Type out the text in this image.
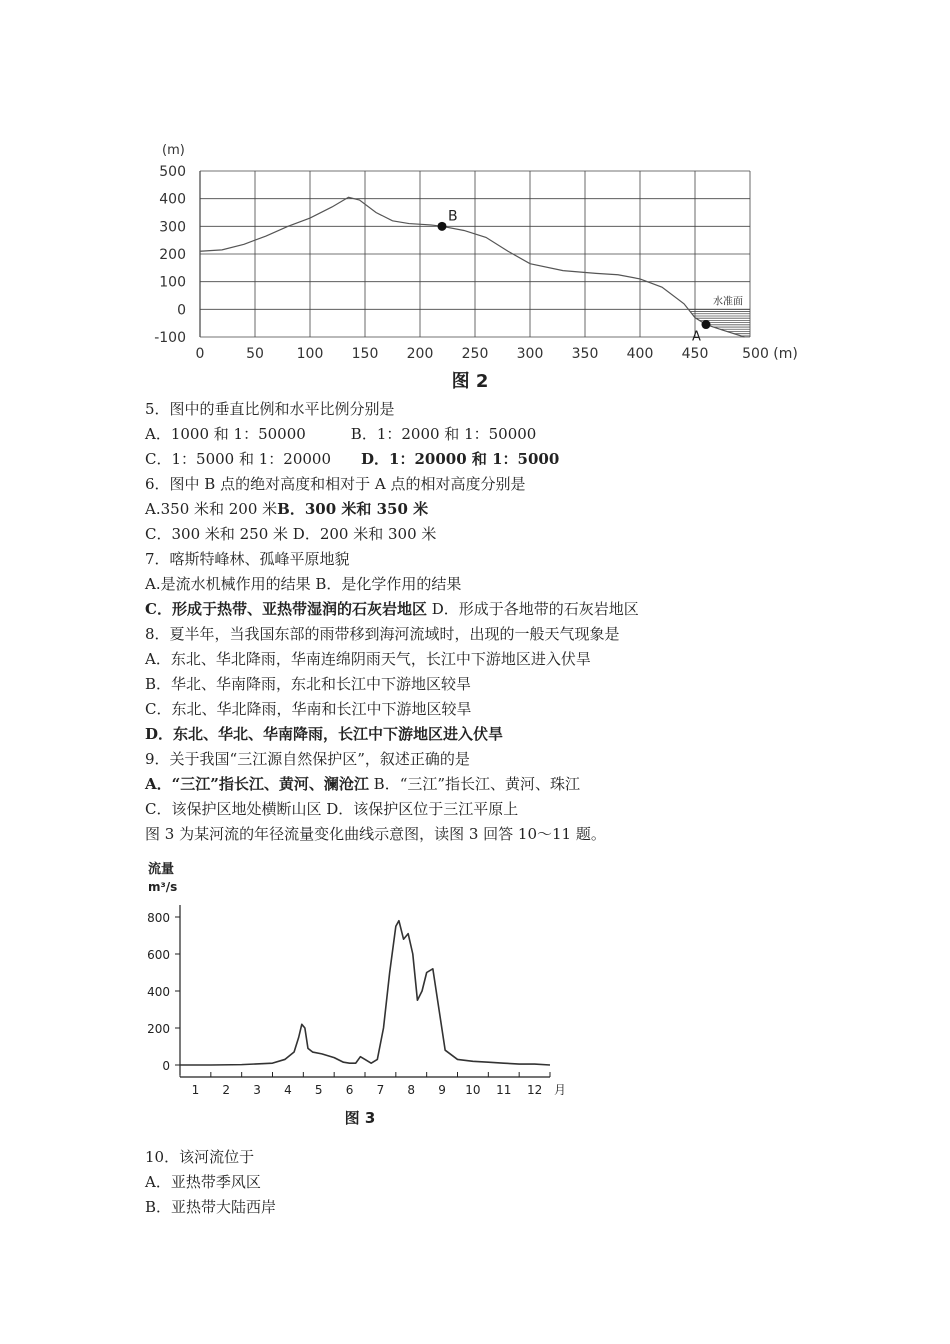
500
400
300
200
100
0
-100
0	50 100 150 200 250 300 350 400 450 500 (m)
(m)
B
A
水准面
图 2
5．图中的垂直比例和水平比例分别是
A．1000 和 1：50000　　　B．1：2000 和 1：50000
C．1：5000 和 1：20000　　D．1：20000 和 1：5000
6．图中 B 点的绝对高度和相对于 A 点的相对高度分别是
A.350 米和 200 米B．300 米和 350 米
C．300 米和 250 米 D．200 米和 300 米
7．喀斯特峰林、孤峰平原地貌
A.是流水机械作用的结果 B．是化学作用的结果
C．形成于热带、亚热带湿润的石灰岩地区 D．形成于各地带的石灰岩地区
8．夏半年，当我国东部的雨带移到海河流域时，出现的一般天气现象是
A．东北、华北降雨，华南连绵阴雨天气，长江中下游地区进入伏旱
B．华北、华南降雨，东北和长江中下游地区较旱
C．东北、华北降雨，华南和长江中下游地区较旱
D．东北、华北、华南降雨，长江中下游地区进入伏旱
9．关于我国“三江源自然保护区”，叙述正确的是
A．“三江”指长江、黄河、澜沧江 B．“三江”指长江、黄河、珠江
C．该保护区地处横断山区 D．该保护区位于三江平原上
图 3 为某河流的年径流量变化曲线示意图，读图 3 回答 10～11 题。
流量
m³/s
800
600
400
200
0
1 2 3 4 5 6 7 8 9 10 11 12 月
图 3
10．该河流位于
A．亚热带季风区
B．亚热带大陆西岸
